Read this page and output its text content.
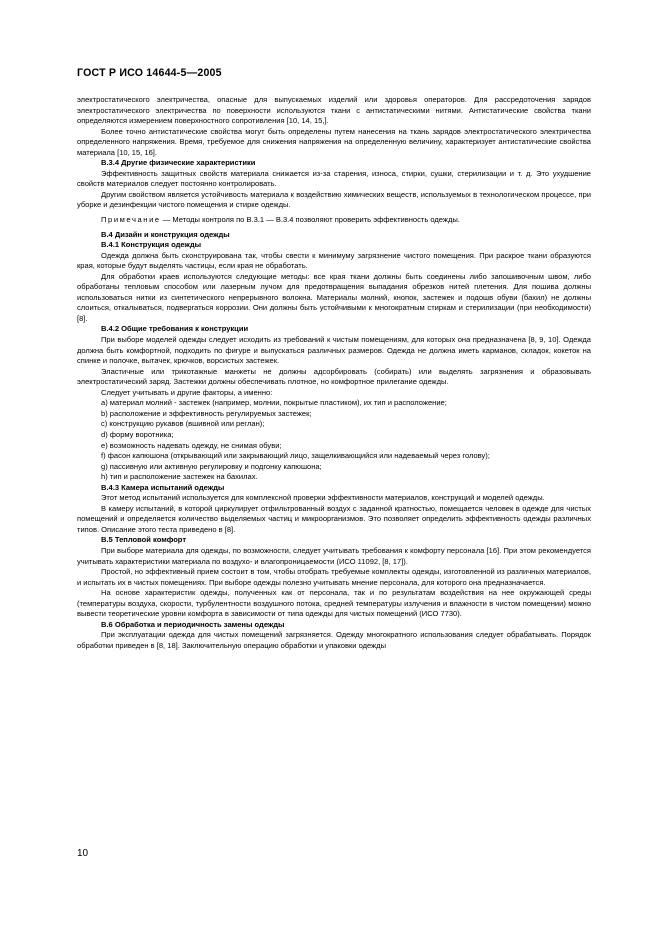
ГОСТ Р ИСО 14644-5—2005

электростатического электричества, опасные для выпускаемых изделий или здоровья операторов. Для рассредоточения зарядов электростатического электричества по поверхности используются ткани с антистатическими нитями. Антистатические свойства ткани определяются измерением поверхностного сопротивления [10, 14, 15,].

Более точно антистатические свойства могут быть определены путем нанесения на ткань зарядов электростатического электричества определенного напряжения. Время, требуемое для снижения напряжения на определенную величину, характеризует антистатические свойства материала [10, 15, 16].

В.3.4 Другие физические характеристики

Эффективность защитных свойств материала снижается из-за старения, износа, стирки, сушки, стерилизации и т. д. Это ухудшение свойств материалов следует постоянно контролировать.

Другим свойством является устойчивость материала к воздействию химических веществ, используемых в технологическом процессе, при уборке и дезинфекции чистого помещения и стирке одежды.

Примечание — Методы контроля по В.3.1 — В.3.4 позволяют проверить эффективность одежды.

В.4 Дизайн и конструкция одежды
В.4.1 Конструкция одежды

Одежда должна быть сконструирована так, чтобы свести к минимуму загрязнение чистого помещения. При раскрое ткани образуются края, которые будут выделять частицы, если края не обработать.

Для обработки краев используются следующие методы: все края ткани должны быть соединены либо запошивочным швом, либо обработаны тепловым способом или лазерным лучом для предотвращения выпадания обрезков нитей плетения. Для пошива должны использоваться нитки из синтетического непрерывного волокна. Материалы молний, кнопок, застежек и подошв обуви (бахил) не должны слоиться, откалываться, подвергаться коррозии. Они должны быть устойчивыми к многократным стиркам и стерилизации (при необходимости) [8].

В.4.2 Общие требования к конструкции

При выборе моделей одежды следует исходить из требований к чистым помещениям, для которых она предназначена [8, 9, 10]. Одежда должна быть комфортной, подходить по фигуре и выпускаться различных размеров. Одежда не должна иметь карманов, складок, кокеток на спинке и полочке, вытачек, крючков, ворсистых застежек.

Эластичные или трикотажные манжеты не должны адсорбировать (собирать) или выделять загрязнения и образовывать электростатический заряд. Застежки должны обеспечивать плотное, но комфортное прилегание одежды.

Следует учитывать и другие факторы, а именно:

a) материал молний - застежек (например, молнии, покрытые пластиком), их тип и расположение;

b) расположение и эффективность регулируемых застежек;

c) конструкцию рукавов (вшивной или реглан);

d) форму воротника;

e) возможность надевать одежду, не снимая обуви;

f) фасон капюшона (открывающий или закрывающий лицо, защелкивающийся или надеваемый через голову);

g) пассивную или активную регулировку и подгонку капюшона;

h) тип и расположение застежек на бахилах.

В.4.3 Камера испытаний одежды

Этот метод испытаний используется для комплексной проверки эффективности материалов, конструкций и моделей одежды.

В камеру испытаний, в которой циркулирует отфильтрованный воздух с заданной кратностью, помещается человек в одежде для чистых помещений и определяется количество выделяемых частиц и микроорганизмов. Это позволяет определить эффективность одежды различных типов. Описание этого теста приведено в [8].

В.5 Тепловой комфорт

При выборе материала для одежды, по возможности, следует учитывать требования к комфорту персонала [16]. При этом рекомендуется учитывать характеристики материала по воздухо- и влагопроницаемости (ИСО 11092, [8, 17]).

Простой, но эффективный прием состоит в том, чтобы отобрать требуемые комплекты одежды, изготовленной из различных материалов, и испытать их в чистых помещениях. При выборе одежды полезно учитывать мнение персонала, для которого она предназначается.

На основе характеристик одежды, полученных как от персонала, так и по результатам воздействия на нее окружающей среды (температуры воздуха, скорости, турбулентности воздушного потока, средней температуры излучения и влажности в чистом помещении) можно вывести теоретические уровни комфорта в зависимости от типа одежды для чистых помещений (ИСО 7730).

В.6 Обработка и периодичность замены одежды

При эксплуатации одежда для чистых помещений загрязняется. Одежду многократного использования следует обрабатывать. Порядок обработки приведен в [8, 18]. Заключительную операцию обработки и упаковки одежды

10
